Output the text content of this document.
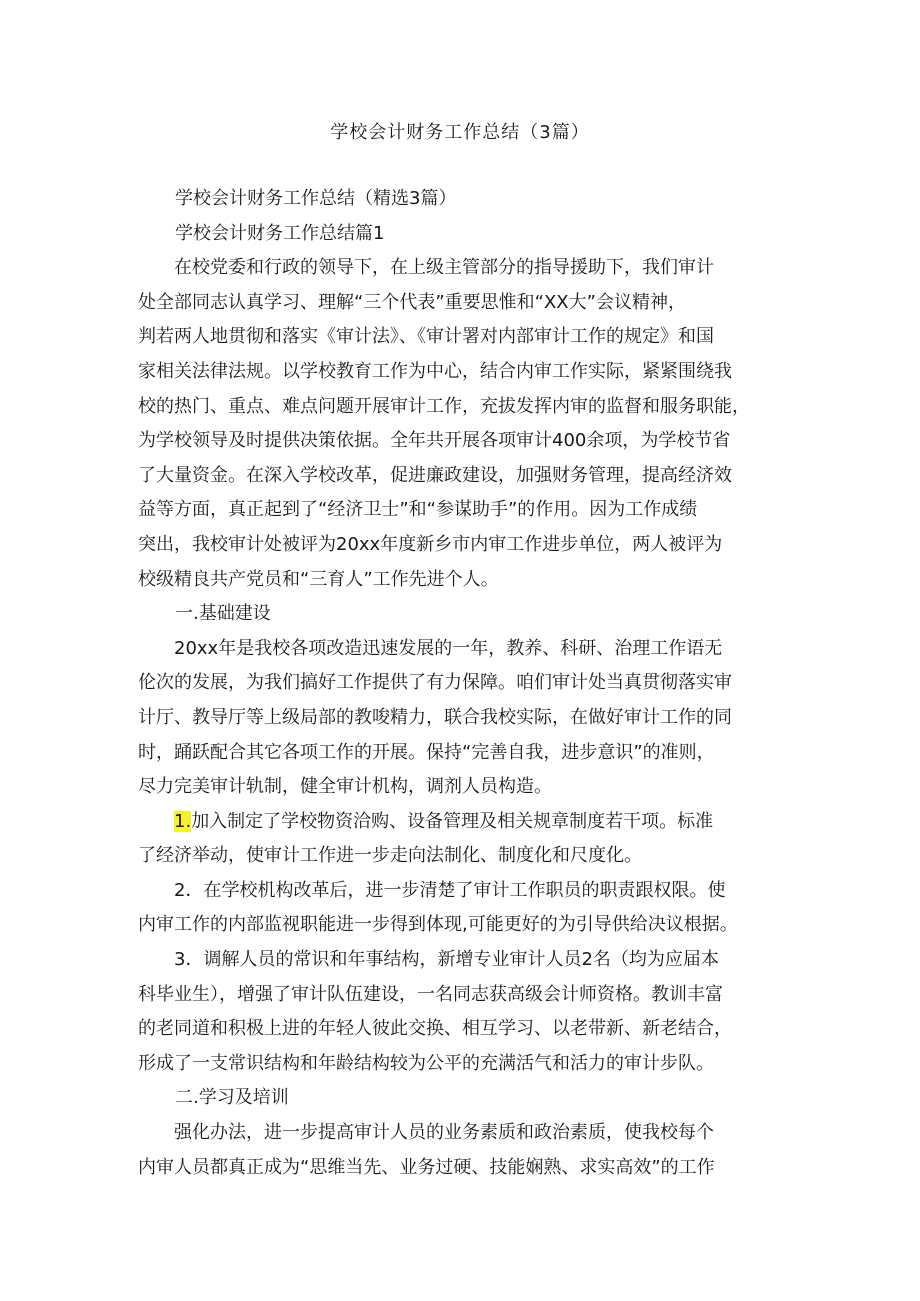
学校会计财务工作总结（3篇）
学校会计财务工作总结（精选3篇）
学校会计财务工作总结篇1
在校党委和行政的领导下，在上级主管部分的指导援助下，我们审计
处全部同志认真学习、理解“三个代表”重要思惟和“XX大”会议精神，
判若两人地贯彻和落实《审计法》、《审计署对内部审计工作的规定》和国
家相关法律法规。以学校教育工作为中心，结合内审工作实际，紧紧围绕我
校的热门、重点、难点问题开展审计工作，充拔发挥内审的监督和服务职能，
为学校领导及时提供决策依据。全年共开展各项审计400余项，为学校节省
了大量资金。在深入学校改革，促进廉政建设，加强财务管理，提高经济效
益等方面，真正起到了“经济卫士”和“参谋助手”的作用。因为工作成绩
突出，我校审计处被评为20xx年度新乡市内审工作进步单位，两人被评为
校级精良共产党员和“三育人”工作先进个人。
一.基础建设
20xx年是我校各项改造迅速发展的一年，教养、科研、治理工作语无
伦次的发展，为我们搞好工作提供了有力保障。咱们审计处当真贯彻落实审
计厅、教导厅等上级局部的教唆精力，联合我校实际，在做好审计工作的同
时，踊跃配合其它各项工作的开展。保持“完善自我，进步意识”的准则，
尽力完美审计轨制，健全审计机构，调剂人员构造。
1.加入制定了学校物资洽购、设备管理及相关规章制度若干项。标准
了经济举动，使审计工作进一步走向法制化、制度化和尺度化。
2．在学校机构改革后，进一步清楚了审计工作职员的职责跟权限。使
内审工作的内部监视职能进一步得到体现,可能更好的为引导供给决议根据。
3．调解人员的常识和年事结构，新增专业审计人员2名（均为应届本
科毕业生），增强了审计队伍建设，一名同志获高级会计师资格。教训丰富
的老同道和积极上进的年轻人彼此交换、相互学习、以老带新、新老结合，
形成了一支常识结构和年龄结构较为公平的充满活气和活力的审计步队。
二.学习及培训
强化办法，进一步提高审计人员的业务素质和政治素质，使我校每个
内审人员都真正成为“思维当先、业务过硬、技能娴熟、求实高效”的工作
